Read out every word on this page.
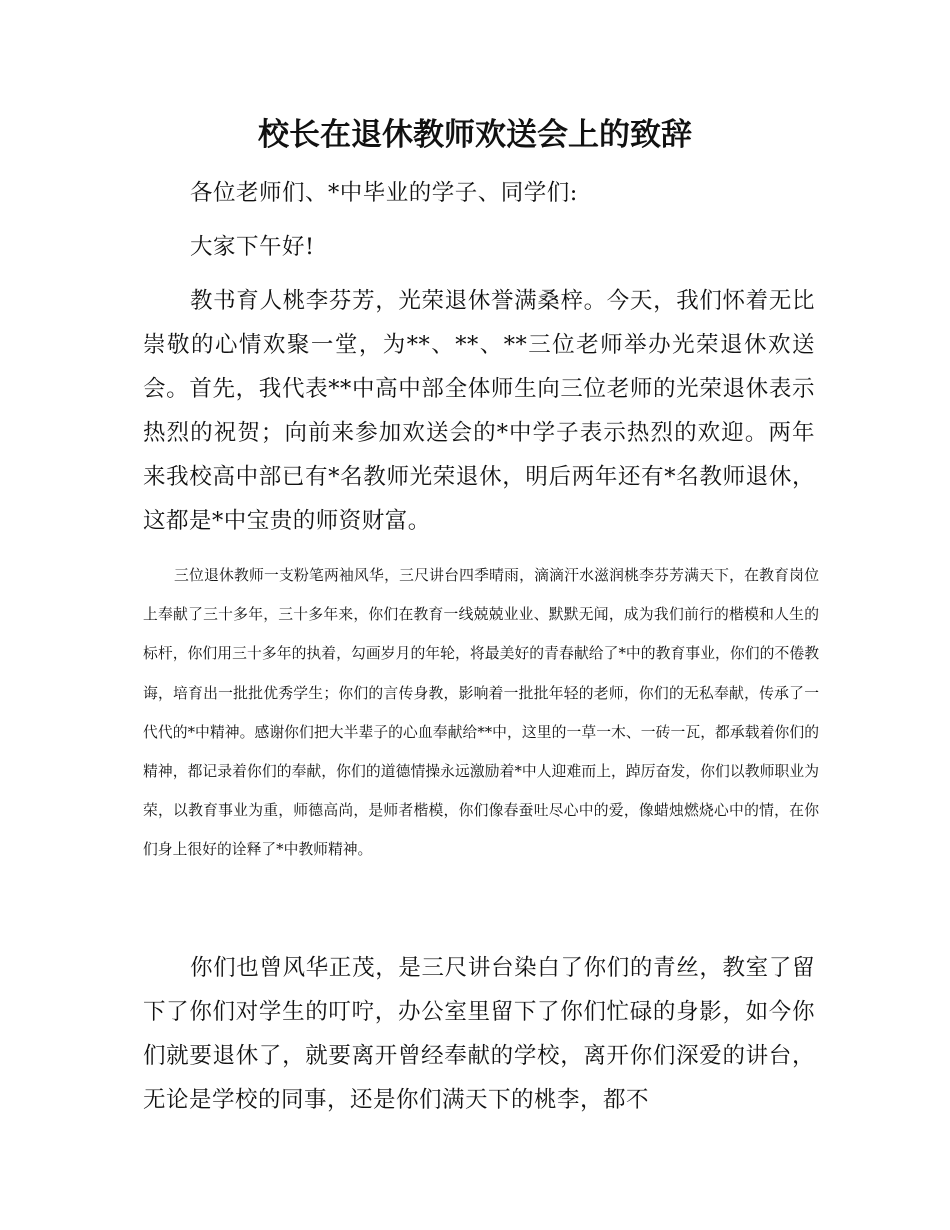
校长在退休教师欢送会上的致辞

各位老师们、*中毕业的学子、同学们:

大家下午好!

教书育人桃李芬芳，光荣退休誉满桑梓。今天，我们怀着无比崇敬的心情欢聚一堂，为**、**、**三位老师举办光荣退休欢送会。首先，我代表**中高中部全体师生向三位老师的光荣退休表示热烈的祝贺；向前来参加欢送会的*中学子表示热烈的欢迎。两年来我校高中部已有*名教师光荣退休，明后两年还有*名教师退休，这都是*中宝贵的师资财富。

三位退休教师一支粉笔两袖风华，三尺讲台四季晴雨，滴滴汗水滋润桃李芬芳满天下，在教育岗位上奉献了三十多年，三十多年来，你们在教育一线兢兢业业、默默无闻，成为我们前行的楷模和人生的标杆，你们用三十多年的执着，勾画岁月的年轮，将最美好的青春献给了*中的教育事业，你们的不倦教诲，培育出一批批优秀学生；你们的言传身教，影响着一批批年轻的老师，你们的无私奉献，传承了一代代的*中精神。感谢你们把大半辈子的心血奉献给**中，这里的一草一木、一砖一瓦，都承载着你们的精神，都记录着你们的奉献，你们的道德情操永远激励着*中人迎难而上，踔厉奋发，你们以教师职业为荣，以教育事业为重，师德高尚，是师者楷模，你们像春蚕吐尽心中的爱，像蜡烛燃烧心中的情，在你们身上很好的诠释了*中教师精神。

你们也曾风华正茂，是三尺讲台染白了你们的青丝，教室了留下了你们对学生的叮咛，办公室里留下了你们忙碌的身影，如今你们就要退休了，就要离开曾经奉献的学校，离开你们深爱的讲台，无论是学校的同事，还是你们满天下的桃李，都不
